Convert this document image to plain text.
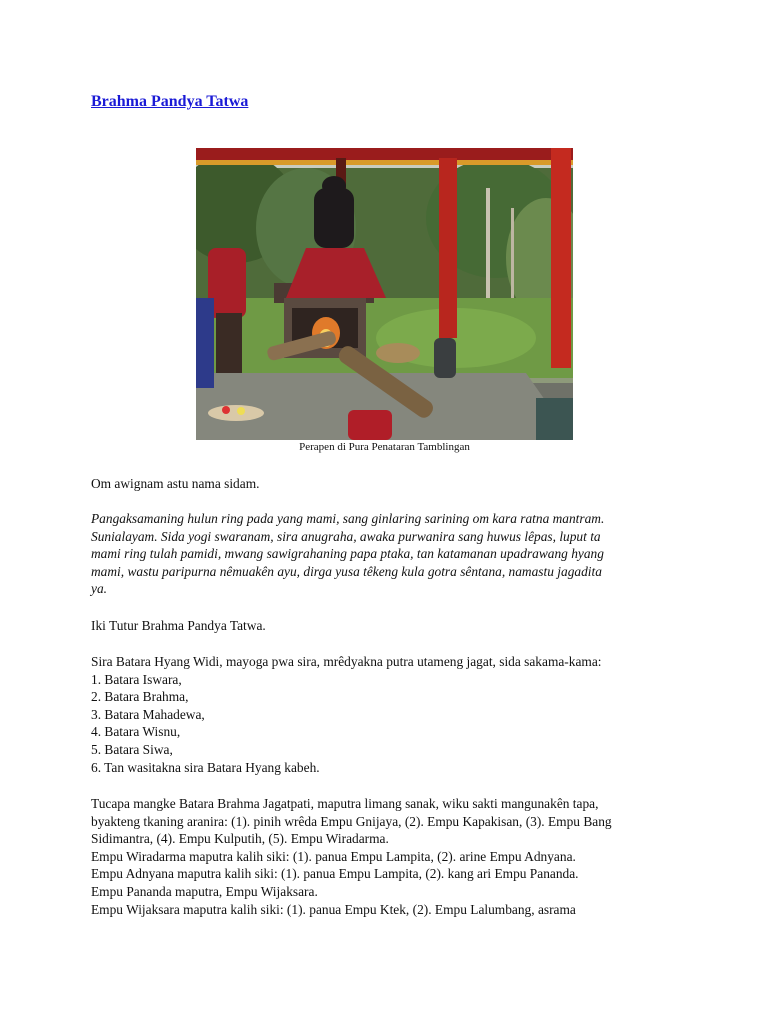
Brahma Pandya Tatwa
Perapen di Pura Penataran Tamblingan
Om awignam astu nama sidam.
Pangaksamaning hulun ring pada yang mami, sang ginlaring sarining om kara ratna mantram.
Sunialayam. Sida yogi swaranam, sira anugraha, awaka purwanira sang huwus lêpas, luput ta
mami ring tulah pamidi, mwang sawigrahaning papa ptaka, tan katamanan upadrawang hyang
mami, wastu paripurna nêmuakên ayu, dirga yusa têkeng kula gotra sêntana, namastu jagadita
ya.
Iki Tutur Brahma Pandya Tatwa.
Sira Batara Hyang Widi, mayoga pwa sira, mrêdyakna putra utameng jagat, sida sakama-kama:
1. Batara Iswara,
2. Batara Brahma,
3. Batara Mahadewa,
4. Batara Wisnu,
5. Batara Siwa,
6. Tan wasitakna sira Batara Hyang kabeh.
Tucapa mangke Batara Brahma Jagatpati, maputra limang sanak, wiku sakti mangunakên tapa,
byakteng tkaning aranira: (1). pinih wrêda Empu Gnijaya, (2). Empu Kapakisan, (3). Empu Bang
Sidimantra, (4). Empu Kulputih, (5). Empu Wiradarma.
Empu Wiradarma maputra kalih siki: (1). panua Empu Lampita, (2). arine Empu Adnyana.
Empu Adnyana maputra kalih siki: (1). panua Empu Lampita, (2). kang ari Empu Pananda.
Empu Pananda maputra, Empu Wijaksara.
Empu Wijaksara maputra kalih siki: (1). panua Empu Ktek, (2). Empu Lalumbang, asrama
